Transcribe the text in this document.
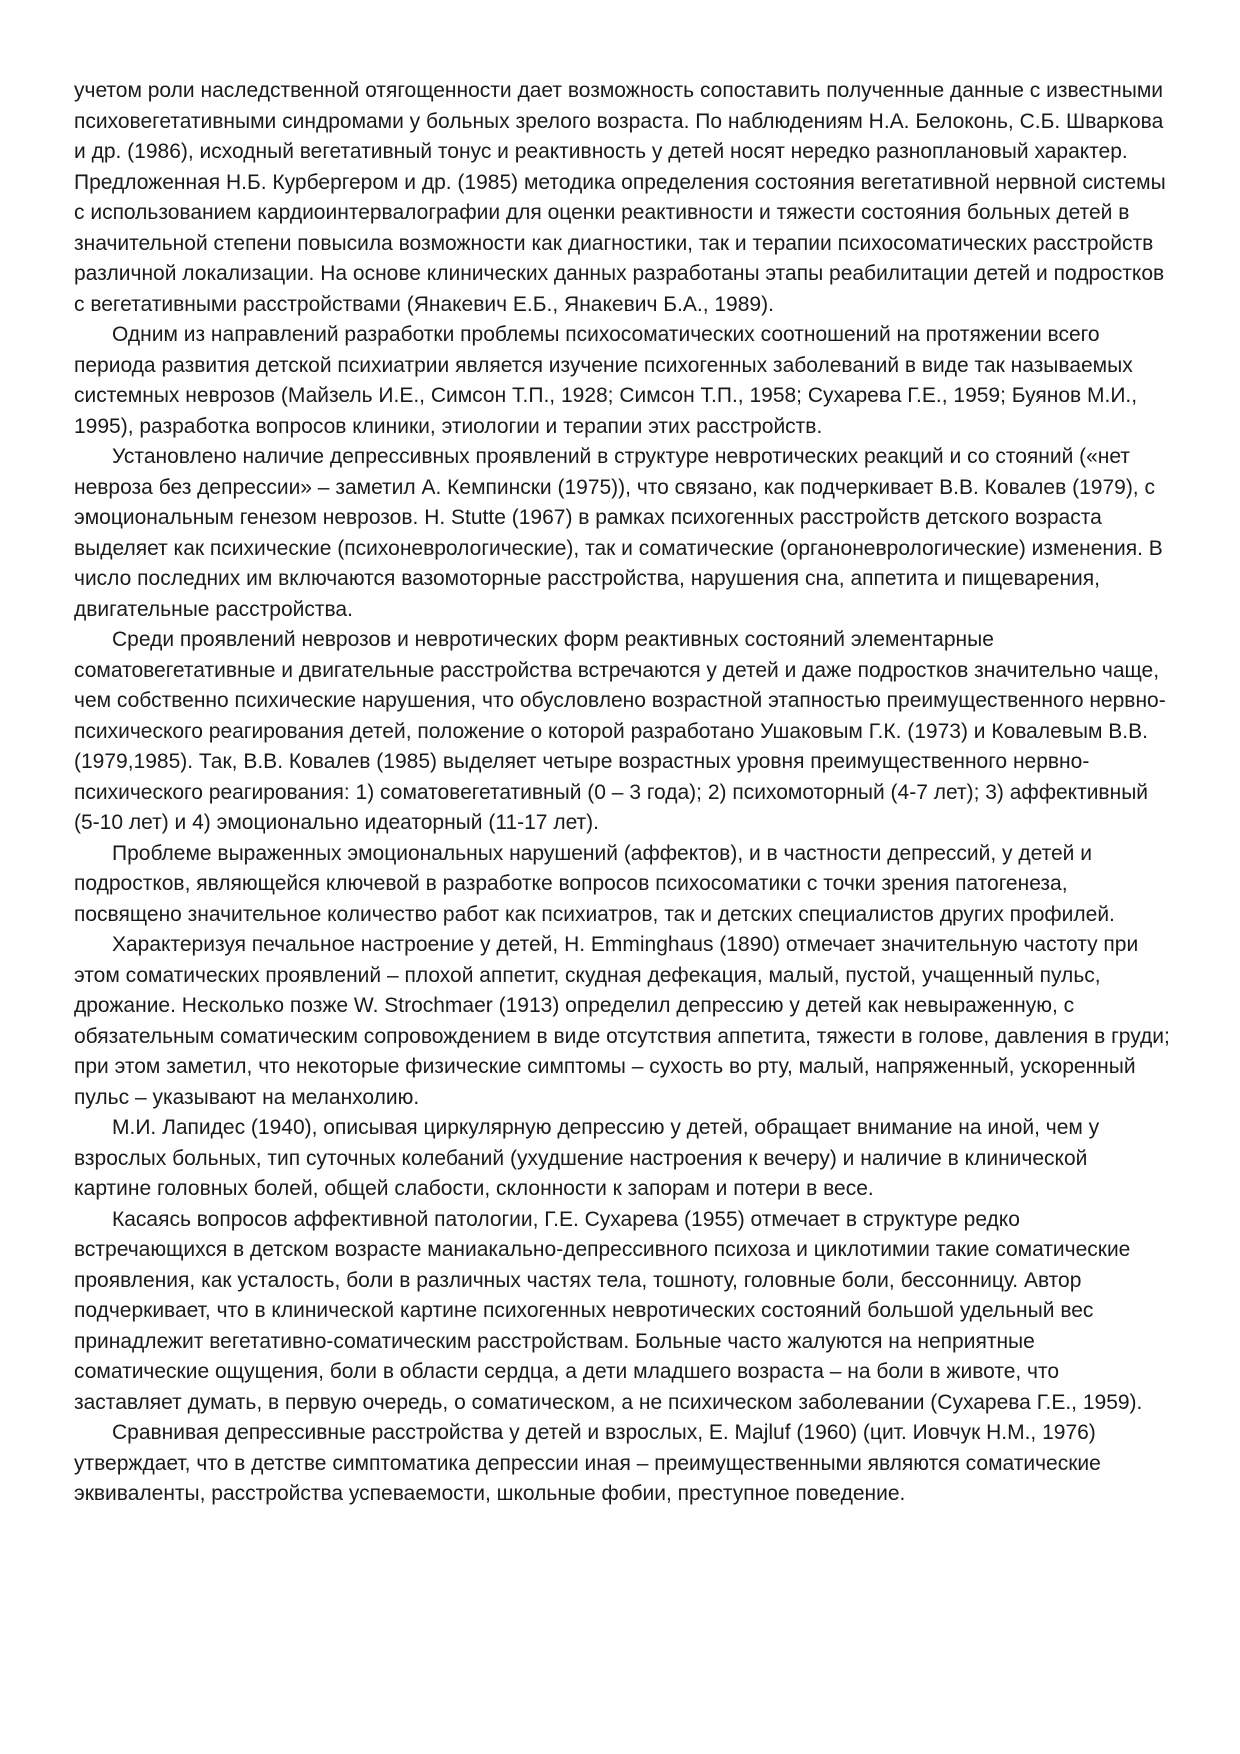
учетом роли наследственной отягощенности дает возможность сопоставить полученные данные с известными психовегетативными синдромами у больных зрелого возраста. По наблюдениям Н.А. Белоконь, С.Б. Шваркова и др. (1986), исходный вегетативный тонус и реактивность у детей носят нередко разноплановый характер. Предложенная Н.Б. Курбергером и др. (1985) методика определения состояния вегетативной нервной системы с использованием кардиоинтервалографии для оценки реактивности и тяжести состояния больных детей в значительной степени повысила возможности как диагностики, так и терапии психосоматических расстройств различной локализации. На основе клинических данных разработаны этапы реабилитации детей и подростков с вегетативными расстройствами (Янакевич Е.Б., Янакевич Б.А., 1989).

Одним из направлений разработки проблемы психосоматических соотношений на протяжении всего периода развития детской психиатрии является изучение психогенных заболеваний в виде так называемых системных неврозов (Майзель И.Е., Симсон Т.П., 1928; Симсон Т.П., 1958; Сухарева Г.Е., 1959; Буянов М.И., 1995), разработка вопросов клиники, этиологии и терапии этих расстройств.

Установлено наличие депрессивных проявлений в структуре невротических реакций и со стояний («нет невроза без депрессии» – заметил А. Кемпински (1975)), что связано, как подчеркивает В.В. Ковалев (1979), с эмоциональным генезом неврозов. H. Stutte (1967) в рамках психогенных расстройств детского возраста выделяет как психические (психоневрологические), так и соматические (органоневрологические) изменения. В число последних им включаются вазомоторные расстройства, нарушения сна, аппетита и пищеварения, двигательные расстройства.

Среди проявлений неврозов и невротических форм реактивных состояний элементарные соматовегетативные и двигательные расстройства встречаются у детей и даже подростков значительно чаще, чем собственно психические нарушения, что обусловлено возрастной этапностью преимущественного нервно-психического реагирования детей, положение о которой разработано Ушаковым Г.К. (1973) и Ковалевым В.В. (1979,1985). Так, В.В. Ковалев (1985) выделяет четыре возрастных уровня преимущественного нервно-психического реагирования: 1) соматовегетативный (0 – 3 года); 2) психомоторный (4-7 лет); 3) аффективный (5-10 лет) и 4) эмоционально идеаторный (11-17 лет).

Проблеме выраженных эмоциональных нарушений (аффектов), и в частности депрессий, у детей и подростков, являющейся ключевой в разработке вопросов психосоматики с точки зрения патогенеза, посвящено значительное количество работ как психиатров, так и детских специалистов других профилей.

Характеризуя печальное настроение у детей, H. Emminghaus (1890) отмечает значительную частоту при этом соматических проявлений – плохой аппетит, скудная дефекация, малый, пустой, учащенный пульс, дрожание. Несколько позже W. Strochmaer (1913) определил депрессию у детей как невыраженную, с обязательным соматическим сопровождением в виде отсутствия аппетита, тяжести в голове, давления в груди; при этом заметил, что некоторые физические симптомы – сухость во рту, малый, напряженный, ускоренный пульс – указывают на меланхолию.

М.И. Лапидес (1940), описывая циркулярную депрессию у детей, обращает внимание на иной, чем у взрослых больных, тип суточных колебаний (ухудшение настроения к вечеру) и наличие в клинической картине головных болей, общей слабости, склонности к запорам и потери в весе.

Касаясь вопросов аффективной патологии, Г.Е. Сухарева (1955) отмечает в структуре редко встречающихся в детском возрасте маниакально-депрессивного психоза и циклотимии такие соматические проявления, как усталость, боли в различных частях тела, тошноту, головные боли, бессонницу. Автор подчеркивает, что в клинической картине психогенных невротических состояний большой удельный вес принадлежит вегетативно-соматическим расстройствам. Больные часто жалуются на неприятные соматические ощущения, боли в области сердца, а дети младшего возраста – на боли в животе, что заставляет думать, в первую очередь, о соматическом, а не психическом заболевании (Сухарева Г.Е., 1959).

Сравнивая депрессивные расстройства у детей и взрослых, E. Majluf (1960) (цит. Иовчук Н.М., 1976) утверждает, что в детстве симптоматика депрессии иная – преимущественными являются соматические эквиваленты, расстройства успеваемости, школьные фобии, преступное поведение.
